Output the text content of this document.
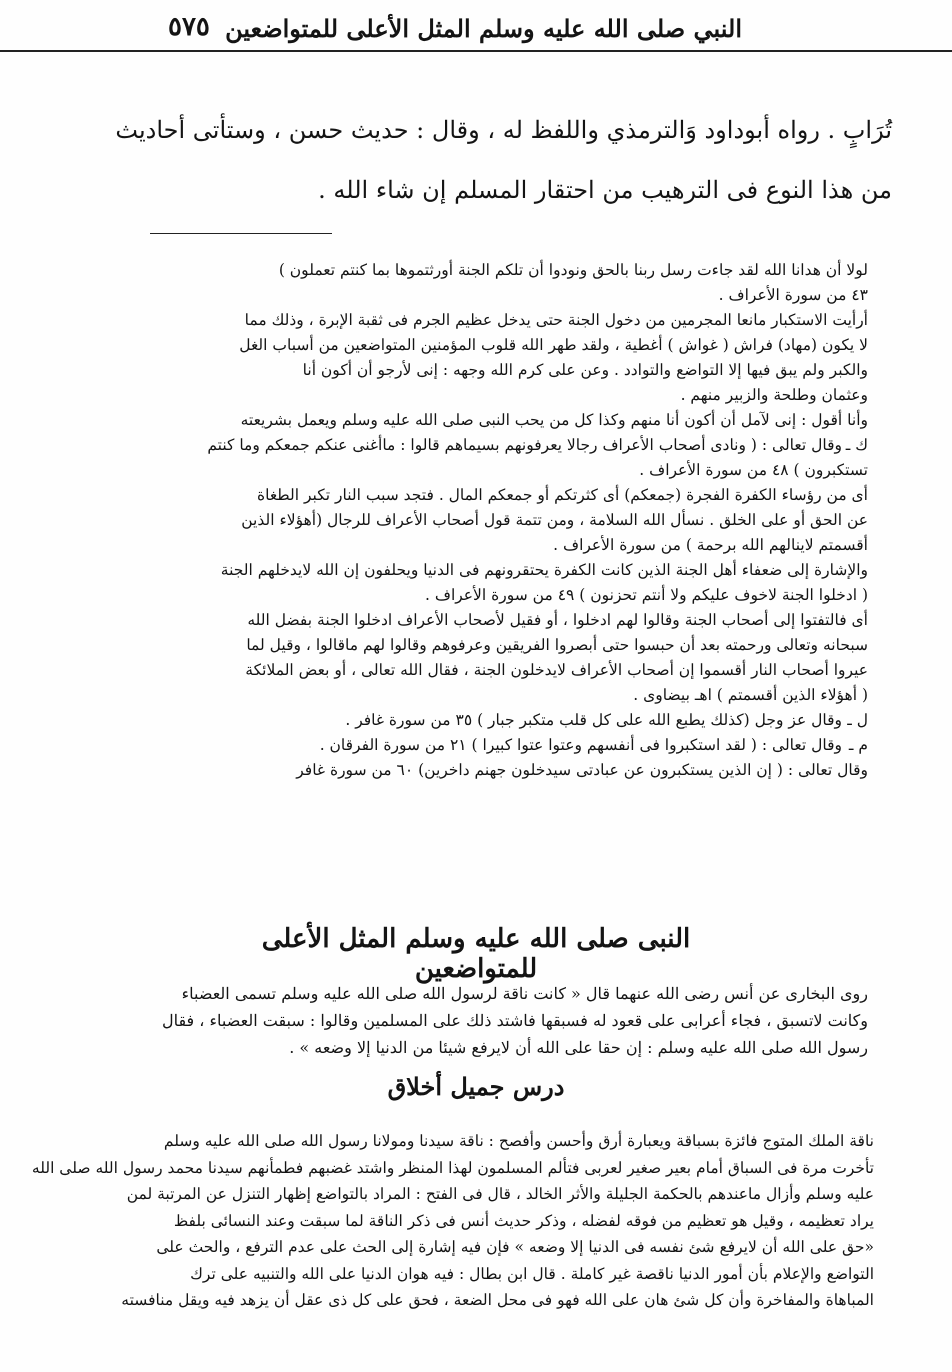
النبي صلى الله عليه وسلم المثل الأعلى للمتواضعين
٥٧٥

تُرَابٍ . رواه أبوداود وَالترمذي واللفظ له ، وقال : حديث حسن ، وستأتى أحاديث

من هذا النوع فى الترهيب من احتقار المسلم إن شاء الله .

لولا أن هدانا الله لقد جاءت رسل ربنا بالحق ونودوا أن تلكم الجنة أورثتموها بما كنتم تعملون )

٤٣ من سورة الأعراف .

أرأيت الاستكبار مانعا المجرمين من دخول الجنة حتى يدخل عظيم الجرم فى ثقبة الإبرة ، وذلك مما

لا يكون (مهاد) فراش ( غواش ) أغطية ، ولقد طهر الله قلوب المؤمنين المتواضعين من أسباب الغل

والكبر ولم يبق فيها إلا التواضع والتوادد . وعن على كرم الله وجهه : إنى لأرجو أن أكون أنا

وعثمان وطلحة والزبير منهم .

وأنا أقول : إنى لآمل أن أكون أنا منهم وكذا كل من يحب النبى صلى الله عليه وسلم ويعمل بشريعته

ك ـوقال تعالى : ( ونادى أصحاب الأعراف رجالا يعرفونهم بسيماهم قالوا : ماأغنى عنكم جمعكم وما كنتم

تستكبرون ) ٤٨ من سورة الأعراف .

أى من رؤساء الكفرة الفجرة (جمعكم) أى كثرتكم أو جمعكم المال . فتجد سبب النار تكبر الطغاة

عن الحق أو على الخلق . نسأل الله السلامة ، ومن تتمة قول أصحاب الأعراف للرجال (أهؤلاء الذين

أقسمتم لاينالهم الله برحمة ) من سورة الأعراف .

والإشارة إلى ضعفاء أهل الجنة الذين كانت الكفرة يحتقرونهم فى الدنيا ويحلفون إن الله لايدخلهم الجنة

( ادخلوا الجنة لاخوف عليكم ولا أنتم تحزنون ) ٤٩ من سورة الأعراف .

أى فالتفتوا إلى أصحاب الجنة وقالوا لهم ادخلوا ، أو فقيل لأصحاب الأعراف ادخلوا الجنة بفضل الله

سبحانه وتعالى ورحمته بعد أن حبسوا حتى أبصروا الفريقين وعرفوهم وقالوا لهم ماقالوا ، وقيل لما

عيروا أصحاب النار أقسموا إن أصحاب الأعراف لايدخلون الجنة ، فقال الله تعالى ، أو بعض الملائكة

( أهؤلاء الذين أقسمتم ) اهـ بيضاوى .

ل ـوقال عز وجل (كذلك يطبع الله على كل قلب متكبر جبار ) ٣٥ من سورة غافر .

م ـوقال تعالى : ( لقد استكبروا فى أنفسهم وعتوا عتوا كبيرا ) ٢١ من سورة الفرقان .

وقال تعالى : ( إن الذين يستكبرون عن عبادتى سيدخلون جهنم داخرين) ٦٠ من سورة غافر

النبى صلى الله عليه وسلم المثل الأعلى للمتواضعين

روى البخارى عن أنس رضى الله عنهما قال « كانت ناقة لرسول الله صلى الله عليه وسلم تسمى العضباء

وكانت لاتسبق ، فجاء أعرابى على قعود له فسبقها فاشتد ذلك على المسلمين وقالوا : سبقت العضباء ، فقال

رسول الله صلى الله عليه وسلم : إن حقا على الله أن لايرفع شيئا من الدنيا إلا وضعه » .

درس جميل أخلاق

ناقة الملك المتوج فائزة بسباقة ويعبارة أرق وأحسن وأفصح : ناقة سيدنا ومولانا رسول الله صلى الله عليه وسلم

تأخرت مرة فى السباق أمام بعير صغير لعربى فتألم المسلمون لهذا المنظر واشتد غضبهم فطمأنهم سيدنا محمد رسول الله صلى الله

عليه وسلم وأزال ماعندهم بالحكمة الجليلة والأثر الخالد ، قال فى الفتح : المراد بالتواضع إظهار التنزل عن المرتبة لمن

يراد تعظيمه ، وقيل هو تعظيم من فوقه لفضله ، وذكر حديث أنس فى ذكر الناقة لما سبقت وعند النسائى بلفظ

«حق على الله أن لايرفع شئ نفسه فى الدنيا إلا وضعه » فإن فيه إشارة إلى الحث على عدم الترفع ، والحث على

التواضع والإعلام بأن أمور الدنيا ناقصة غير كاملة . قال ابن بطال : فيه هوان الدنيا على الله والتنبيه على ترك

المباهاة والمفاخرة وأن كل شئ هان على الله فهو فى محل الضعة ، فحق على كل ذى عقل أن يزهد فيه ويقل منافسته
